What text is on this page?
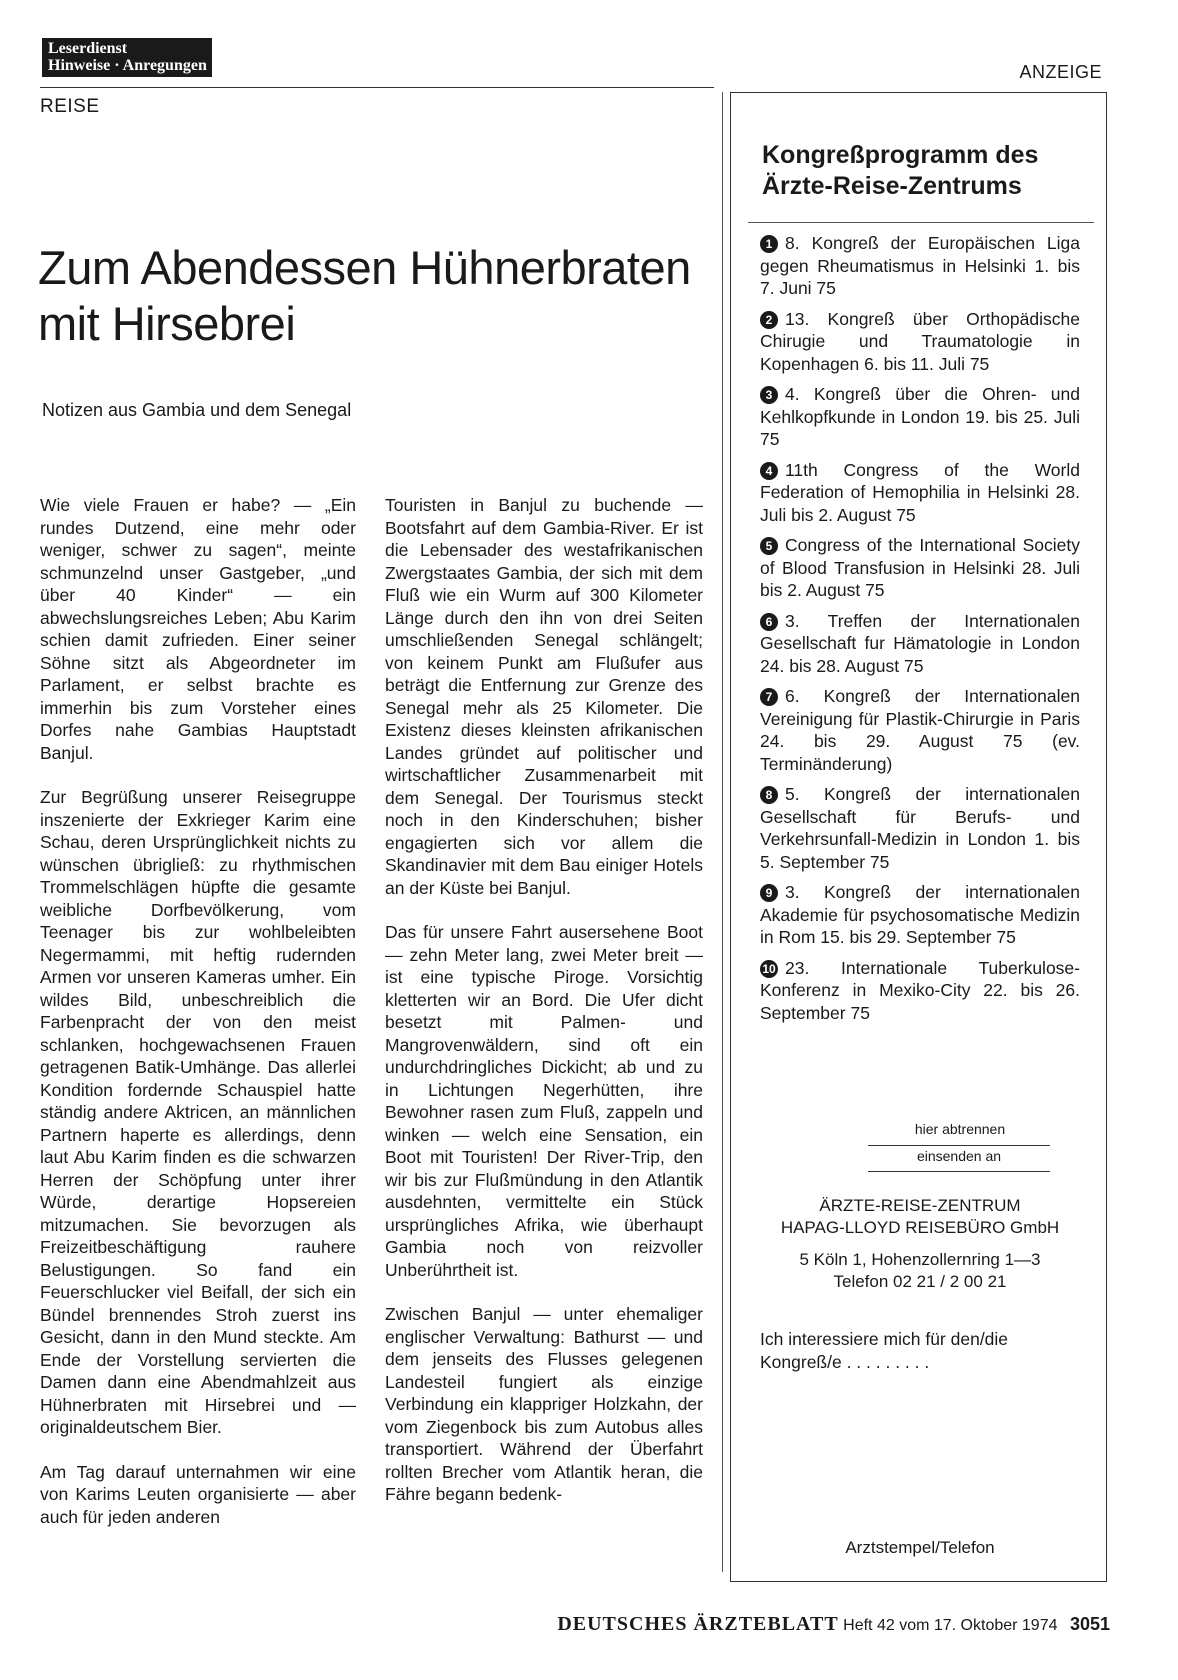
Leserdienst
Hinweise · Anregungen
REISE
ANZEIGE
Zum Abendessen Hühnerbraten mit Hirsebrei
Notizen aus Gambia und dem Senegal

Wie viele Frauen er habe? — „Ein rundes Dutzend, eine mehr oder weniger, schwer zu sagen“, meinte schmunzelnd unser Gastgeber, „und über 40 Kinder“ — ein abwechslungsreiches Leben; Abu Karim schien damit zufrieden. Einer seiner Söhne sitzt als Abgeordneter im Parlament, er selbst brachte es immerhin bis zum Vorsteher eines Dorfes nahe Gambias Hauptstadt Banjul.

Zur Begrüßung unserer Reisegruppe inszenierte der Exkrieger Karim eine Schau, deren Ursprünglichkeit nichts zu wünschen übrigließ: zu rhythmischen Trommelschlägen hüpfte die gesamte weibliche Dorfbevölkerung, vom Teenager bis zur wohlbeleibten Negermammi, mit heftig rudernden Armen vor unseren Kameras umher. Ein wildes Bild, unbeschreiblich die Farbenpracht der von den meist schlanken, hochgewachsenen Frauen getragenen Batik-Umhänge. Das allerlei Kondition fordernde Schauspiel hatte ständig andere Aktricen, an männlichen Partnern haperte es allerdings, denn laut Abu Karim finden es die schwarzen Herren der Schöpfung unter ihrer Würde, derartige Hopsereien mitzumachen. Sie bevorzugen als Freizeitbeschäftigung rauhere Belustigungen. So fand ein Feuerschlucker viel Beifall, der sich ein Bündel brennendes Stroh zuerst ins Gesicht, dann in den Mund steckte. Am Ende der Vorstellung servierten die Damen dann eine Abendmahlzeit aus Hühnerbraten mit Hirsebrei und — originaldeutschem Bier.

Am Tag darauf unternahmen wir eine von Karims Leuten organisierte — aber auch für jeden anderen

Touristen in Banjul zu buchende — Bootsfahrt auf dem Gambia-River. Er ist die Lebensader des westafrikanischen Zwergstaates Gambia, der sich mit dem Fluß wie ein Wurm auf 300 Kilometer Länge durch den ihn von drei Seiten umschließenden Senegal schlängelt; von keinem Punkt am Flußufer aus beträgt die Entfernung zur Grenze des Senegal mehr als 25 Kilometer. Die Existenz dieses kleinsten afrikanischen Landes gründet auf politischer und wirtschaftlicher Zusammenarbeit mit dem Senegal. Der Tourismus steckt noch in den Kinderschuhen; bisher engagierten sich vor allem die Skandinavier mit dem Bau einiger Hotels an der Küste bei Banjul.

Das für unsere Fahrt ausersehene Boot — zehn Meter lang, zwei Meter breit — ist eine typische Piroge. Vorsichtig kletterten wir an Bord. Die Ufer dicht besetzt mit Palmen- und Mangrovenwäldern, sind oft ein undurchdringliches Dickicht; ab und zu in Lichtungen Negerhütten, ihre Bewohner rasen zum Fluß, zappeln und winken — welch eine Sensation, ein Boot mit Touristen! Der River-Trip, den wir bis zur Flußmündung in den Atlantik ausdehnten, vermittelte ein Stück ursprüngliches Afrika, wie überhaupt Gambia noch von reizvoller Unberührtheit ist.

Zwischen Banjul — unter ehemaliger englischer Verwaltung: Bathurst — und dem jenseits des Flusses gelegenen Landesteil fungiert als einzige Verbindung ein klappriger Holzkahn, der vom Ziegenbock bis zum Autobus alles transportiert. Während der Überfahrt rollten Brecher vom Atlantik heran, die Fähre begann bedenk-

Kongreßprogramm des Ärzte-Reise-Zentrums
1 8. Kongreß der Europäischen Liga gegen Rheumatismus in Helsinki 1. bis 7. Juni 75
2 13. Kongreß über Orthopädische Chirugie und Traumatologie in Kopenhagen 6. bis 11. Juli 75
3 4. Kongreß über die Ohren- und Kehlkopfkunde in London 19. bis 25. Juli 75
4 11th Congress of the World Federation of Hemophilia in Helsinki 28. Juli bis 2. August 75
5 Congress of the International Society of Blood Transfusion in Helsinki 28. Juli bis 2. August 75
6 3. Treffen der Internationalen Gesellschaft fur Hämatologie in London 24. bis 28. August 75
7 6. Kongreß der Internationalen Vereinigung für Plastik-Chirurgie in Paris 24. bis 29. August 75 (ev. Terminänderung)
8 5. Kongreß der internationalen Gesellschaft für Berufs- und Verkehrsunfall-Medizin in London 1. bis 5. September 75
9 3. Kongreß der internationalen Akademie für psychosomatische Medizin in Rom 15. bis 29. September 75
10 23. Internationale Tuberkulose-Konferenz in Mexiko-City 22. bis 26. September 75
hier abtrennen
einsenden an
ÄRZTE-REISE-ZENTRUM
HAPAG-LLOYD REISEBÜRO GmbH
5 Köln 1, Hohenzollernring 1—3
Telefon 02 21 / 2 00 21
Ich interessiere mich für den/die Kongreß/e . . . . . . . . .
Arztstempel/Telefon
DEUTSCHES ÄRZTEBLATT Heft 42 vom 17. Oktober 1974 3051
